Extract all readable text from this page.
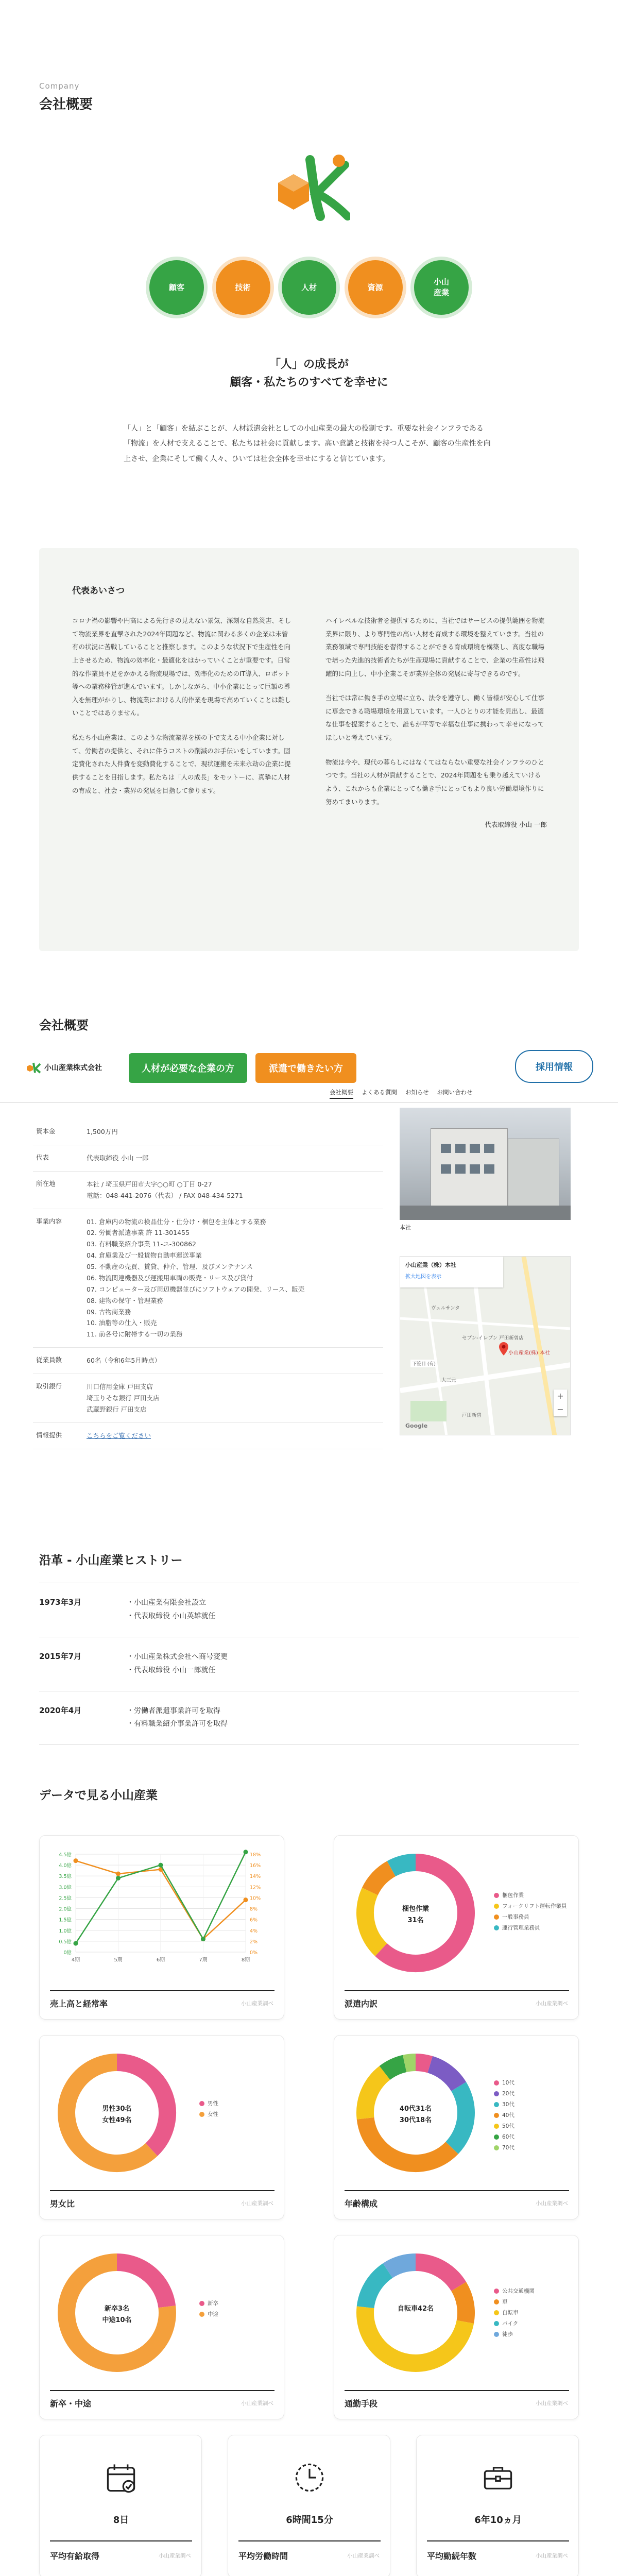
Company
会社概要
顧客	技術	人材	資源
小山
産業
「人」の成長が
顧客・私たちのすべてを幸せに
「人」と「顧客」を結ぶことが、人材派遣会社としての小山産業の最大の役割です。重要な社会インフラである「物流」を人材で支えることで、私たちは社会に貢献します。高い意識と技術を持つ人こそが、顧客の生産性を向上させ、企業にそして働く人々、ひいては社会全体を幸せにすると信じています。
代表あいさつ

コロナ禍の影響や円高による先行きの見えない景気、深刻な自然災害、そして物流業界を直撃された2024年問題など、物流に関わる多くの企業は未曾有の状況に苦戦していることと推察します。このような状況下で生産性を向上させるため、物流の効率化・最適化をはかっていくことが重要です。日常的な作業員不足をかかえる物流現場では、効率化のためのIT導入、ロボット等への業務移管が進んでいます。しかしながら、中小企業にとって巨額の導入を無理がかりし、物流業における人的作業を現場で高めていくことは難しいことではありません。

私たち小山産業は、このような物流業界を横の下で支える中小企業に対して、労働者の提供と、それに伴うコストの削減のお手伝いをしています。固定費化された人件費を変動費化することで、現状運搬を未来永劫の企業に提供することを目指します。私たちは「人の成長」をモットーに、真摯に人材の育成と、社会・業界の発展を目指して参ります。

ハイレベルな技術者を提供するために、当社ではサービスの提供範囲を物流業界に限り、より専門性の高い人材を育成する環境を整えています。当社の業務領域で専門技能を習得することができる育成環境を構築し、高度な職場で培った先進的技術者たちが生産現場に貢献することで、企業の生産性は飛躍的に向上し、中小企業こそが業界全体の発展に寄与できるのです。

当社では常に働き手の立場に立ち、法令を遵守し、働く皆様が安心して仕事に専念できる職場環境を用意しています。一人ひとりの才能を見出し、最適な仕事を提案することで、誰もが平等で幸福な仕事に携わって幸せになってほしいと考えています。

物流は今や、現代の暮らしにはなくてはならない重要な社会インフラのひとつです。当社の人材が貢献することで、2024年問題をも乗り越えていけるよう、これからも企業にとっても働き手にとってもより良い労働環境作りに努めてまいります。

代表取締役 小山 一郎
会社概要
小山産業株式会社	人材が必要な企業の方	派遣で働きたい方	採用情報
会社概要 よくある質問 お知らせ お問い合わせ
資本金	1,500万円
代表	代表取締役 小山 一郎
所在地	本社 / 埼玉県戸田市大字○○町 ○丁目 0-27
電話：048-441-2076（代表） / FAX 048-434-5271
事業内容	01. 倉庫内の物流の検品仕分・仕分け・梱包を主体とする業務
02. 労働者派遣事業 許 11-301455
03. 有料職業紹介事業 11-ユ-300862
04. 倉庫業及び一般貨物自動車運送事業
05. 不動産の売買、賃貸、仲介、管理、及びメンテナンス
06. 物流関連機器及び運搬用車両の販売・リース及び貸付
07. コンピューター及び周辺機器並びにソフトウェアの開発、リース、販売
08. 建物の保守・管理業務
09. 古物商業務
10. 油脂等の仕入・販売
11. 前各号に附帯する一切の業務
従業員数	60名（令和6年5月時点）
取引銀行	川口信用金庫 戸田支店
埼玉りそな銀行 戸田支店
武蔵野銀行 戸田支店
情報提供	こちらをご覧ください
本社
小山産業（株）本社
拡大地図を表示
小山産業(株) 本社
セブン-イレブン 戸田新曽店
ヴェルサンタ
大三元
下笹目 (有)
戸田新曽
+
−
Google
沿革 - 小山産業ヒストリー
1973年3月	・小山産業有限会社設立
・代表取締役 小山英雄就任
2015年7月	・小山産業株式会社へ商号変更
・代表取締役 小山一郎就任
2020年4月	・労働者派遣事業許可を取得
・有料職業紹介事業許可を取得
データで見る小山産業
4期	5期	6期	7期	8期
4.5億
4.0億
3.5億
3.0億
2.5億
2.0億
1.5億
1.0億
0.5億
0億
18%
16%
14%
12%
10%
8%
6%
4%
2%
0%
売上高と経常率	小山産業調べ
梱包作業
31名
梱包作業
フォークリフト運転作業員
一般事務員
運行管理業務員
派遣内訳	小山産業調べ
男性30名
女性49名
男性
女性
男女比	小山産業調べ
40代31名
30代18名
10代
20代
30代
40代
50代
60代
70代
年齢構成	小山産業調べ
新卒3名
中途10名
新卒
中途
新卒・中途	小山産業調べ
自転車42名
公共交通機関
車
自転車
バイク
徒歩
通勤手段	小山産業調べ
8日
平均有給取得	小山産業調べ
6時間15分
平均労働時間	小山産業調べ
6年10ヵ月
平均勤続年数	小山産業調べ
